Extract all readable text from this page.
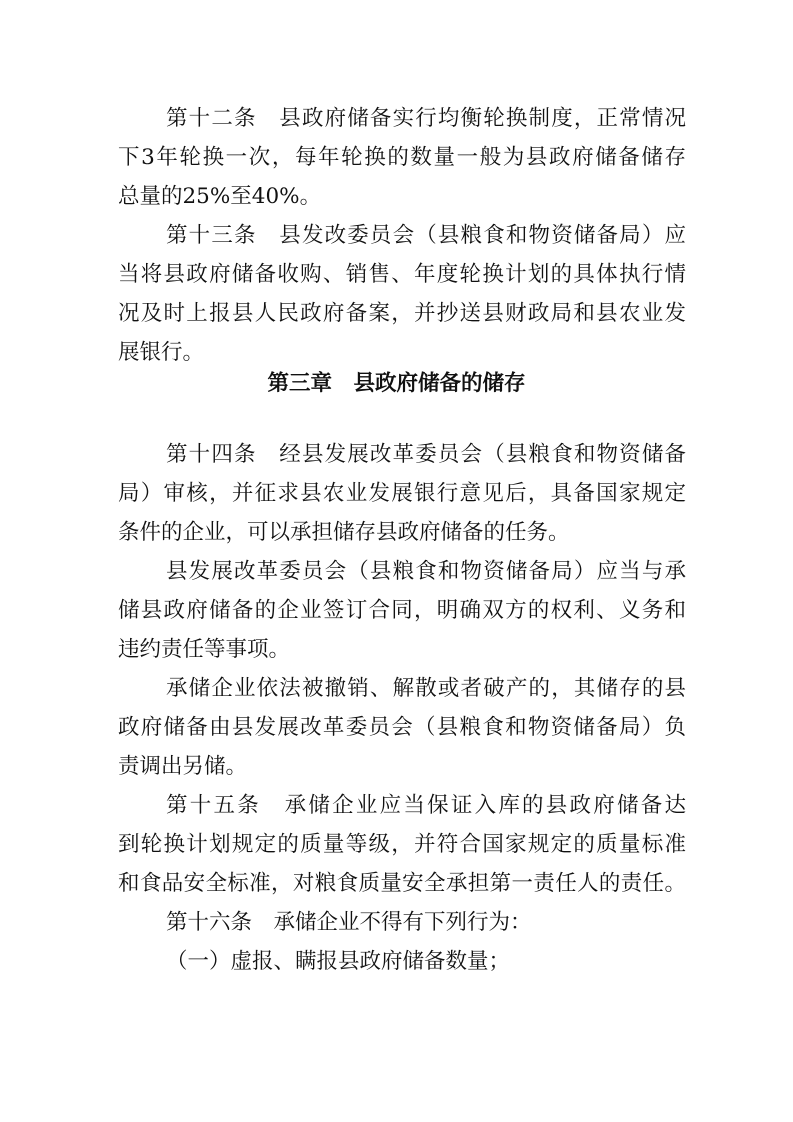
第十二条　县政府储备实行均衡轮换制度，正常情况
下3年轮换一次，每年轮换的数量一般为县政府储备储存
总量的25%至40%。
第十三条　县发改委员会（县粮食和物资储备局）应
当将县政府储备收购、销售、年度轮换计划的具体执行情
况及时上报县人民政府备案，并抄送县财政局和县农业发
展银行。
第三章　县政府储备的储存
第十四条　经县发展改革委员会（县粮食和物资储备
局）审核，并征求县农业发展银行意见后，具备国家规定
条件的企业，可以承担储存县政府储备的任务。
县发展改革委员会（县粮食和物资储备局）应当与承
储县政府储备的企业签订合同，明确双方的权利、义务和
违约责任等事项。
承储企业依法被撤销、解散或者破产的，其储存的县
政府储备由县发展改革委员会（县粮食和物资储备局）负
责调出另储。
第十五条　承储企业应当保证入库的县政府储备达
到轮换计划规定的质量等级，并符合国家规定的质量标准
和食品安全标准，对粮食质量安全承担第一责任人的责任。
第十六条　承储企业不得有下列行为：
（一）虚报、瞒报县政府储备数量；
